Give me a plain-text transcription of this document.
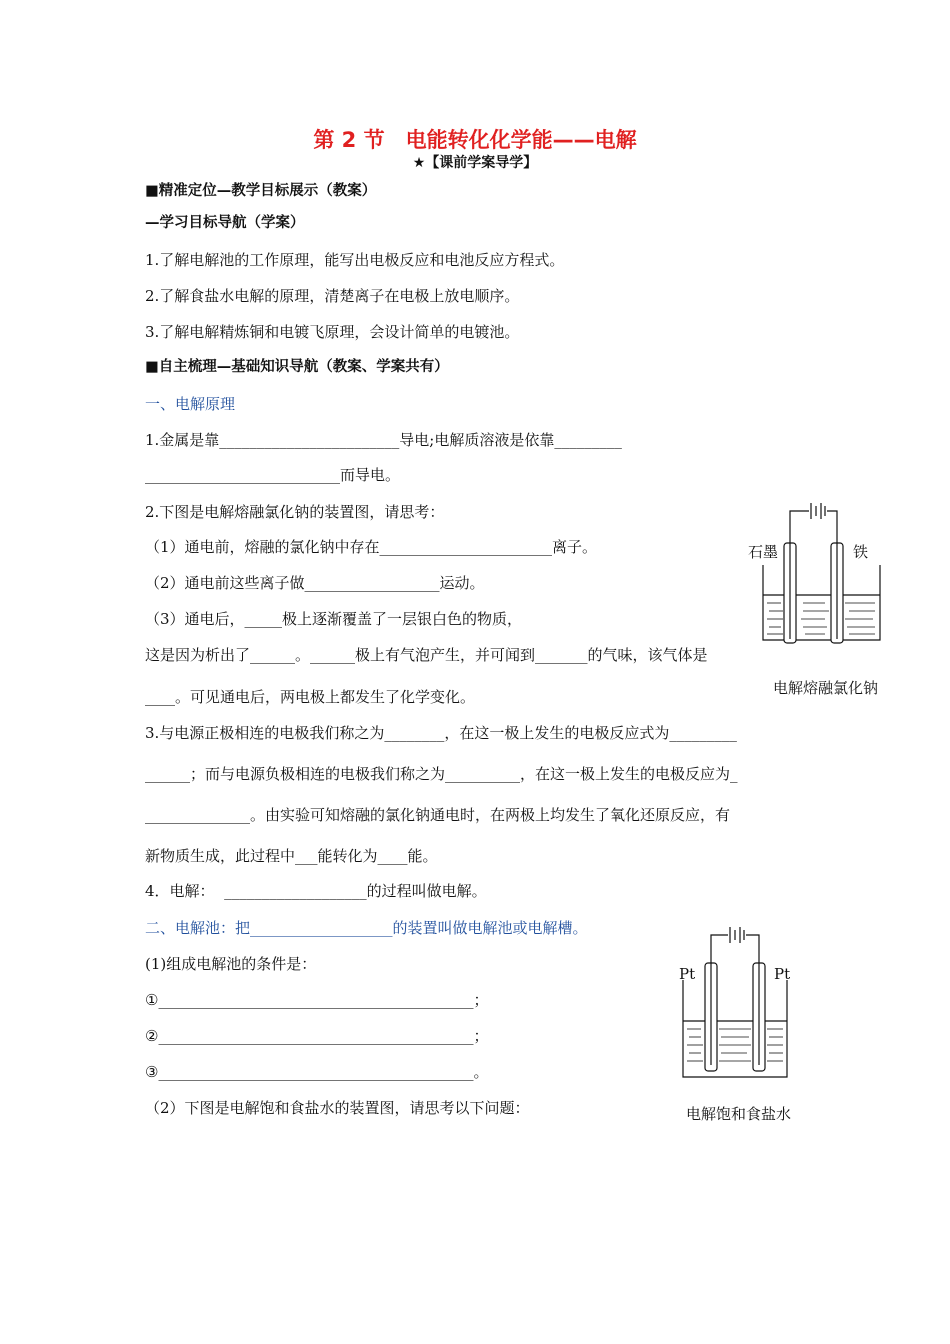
第 2 节　电能转化化学能——电解
★【课前学案导学】
■精准定位—教学目标展示（教案）
—学习目标导航（学案）
1.了解电解池的工作原理，能写出电极反应和电池反应方程式。
2.了解食盐水电解的原理，清楚离子在电极上放电顺序。
3.了解电解精炼铜和电镀飞原理，会设计简单的电镀池。
■自主梳理—基础知识导航（教案、学案共有）
一、电解原理
1.金属是靠________________________导电;电解质溶液是依靠_________
__________________________而导电。
2.下图是电解熔融氯化钠的装置图，请思考：
（1）通电前，熔融的氯化钠中存在_______________________离子。
（2）通电前这些离子做__________________运动。
（3）通电后，_____极上逐渐覆盖了一层银白色的物质，
这是因为析出了______。______极上有气泡产生，并可闻到_______的气味，该气体是
____。可见通电后，两电极上都发生了化学变化。
3.与电源正极相连的电极我们称之为________，在这一极上发生的电极反应式为_________
______；而与电源负极相连的电极我们称之为__________，在这一极上发生的电极反应为_
______________。由实验可知熔融的氯化钠通电时，在两极上均发生了氧化还原反应，有
新物质生成，此过程中___能转化为____能。
4．电解：  ___________________的过程叫做电解。
二、电解池：把___________________的装置叫做电解池或电解槽。
(1)组成电解池的条件是：
①__________________________________________；
②__________________________________________；
③__________________________________________。
（2）下图是电解饱和食盐水的装置图，请思考以下问题：
石墨	铁
电解熔融氯化钠
Pt	Pt
电解饱和食盐水
